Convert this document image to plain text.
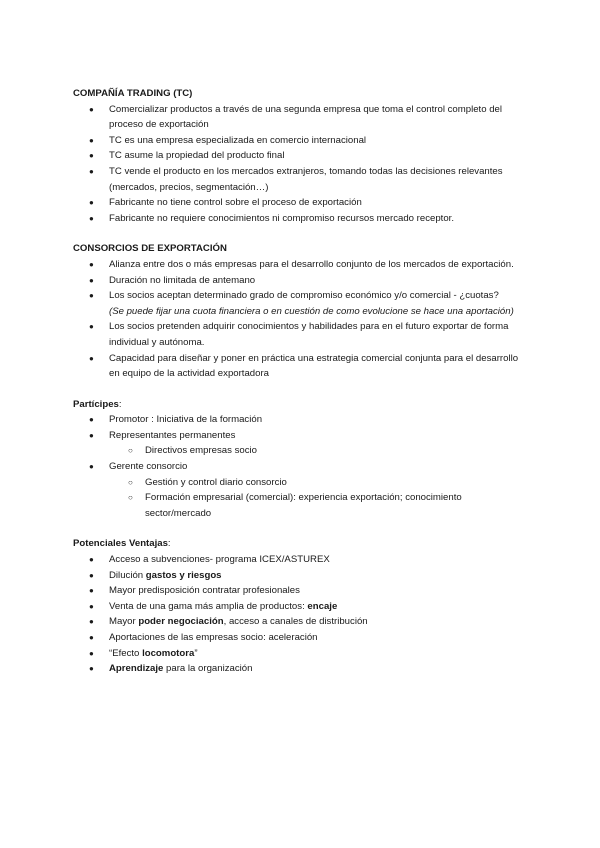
COMPAÑÍA TRADING (TC)

● Comercializar productos a través de una segunda empresa que toma el control completo del proceso de exportación
● TC es una empresa especializada en comercio internacional
● TC asume la propiedad del producto final
● TC vende el producto en los mercados extranjeros, tomando todas las decisiones relevantes (mercados, precios, segmentación…)
● Fabricante no tiene control sobre el proceso de exportación
● Fabricante no requiere conocimientos ni compromiso recursos mercado receptor.

CONSORCIOS DE EXPORTACIÓN

● Alianza entre dos o más empresas para el desarrollo conjunto de los mercados de exportación.
● Duración no limitada de antemano
● Los socios aceptan determinado grado de compromiso económico y/o comercial - ¿cuotas?
(Se puede fijar una cuota financiera o en cuestión de como evolucione se hace una aportación)
● Los socios pretenden adquirir conocimientos y habilidades para en el futuro exportar de forma individual y autónoma.
● Capacidad para diseñar y poner en práctica una estrategia comercial conjunta para el desarrollo en equipo de la actividad exportadora

Partícipes:

● Promotor : Iniciativa de la formación
● Representantes permanentes
○ Directivos empresas socio
● Gerente consorcio
○ Gestión y control diario consorcio
○ Formación empresarial (comercial): experiencia exportación; conocimiento sector/mercado

Potenciales Ventajas:

● Acceso a subvenciones- programa ICEX/ASTUREX
● Dilución gastos y riesgos
● Mayor predisposición contratar profesionales
● Venta de una gama más amplia de productos: encaje
● Mayor poder negociación, acceso a canales de distribución
● Aportaciones de las empresas socio: aceleración
● “Efecto locomotora”
● Aprendizaje para la organización
